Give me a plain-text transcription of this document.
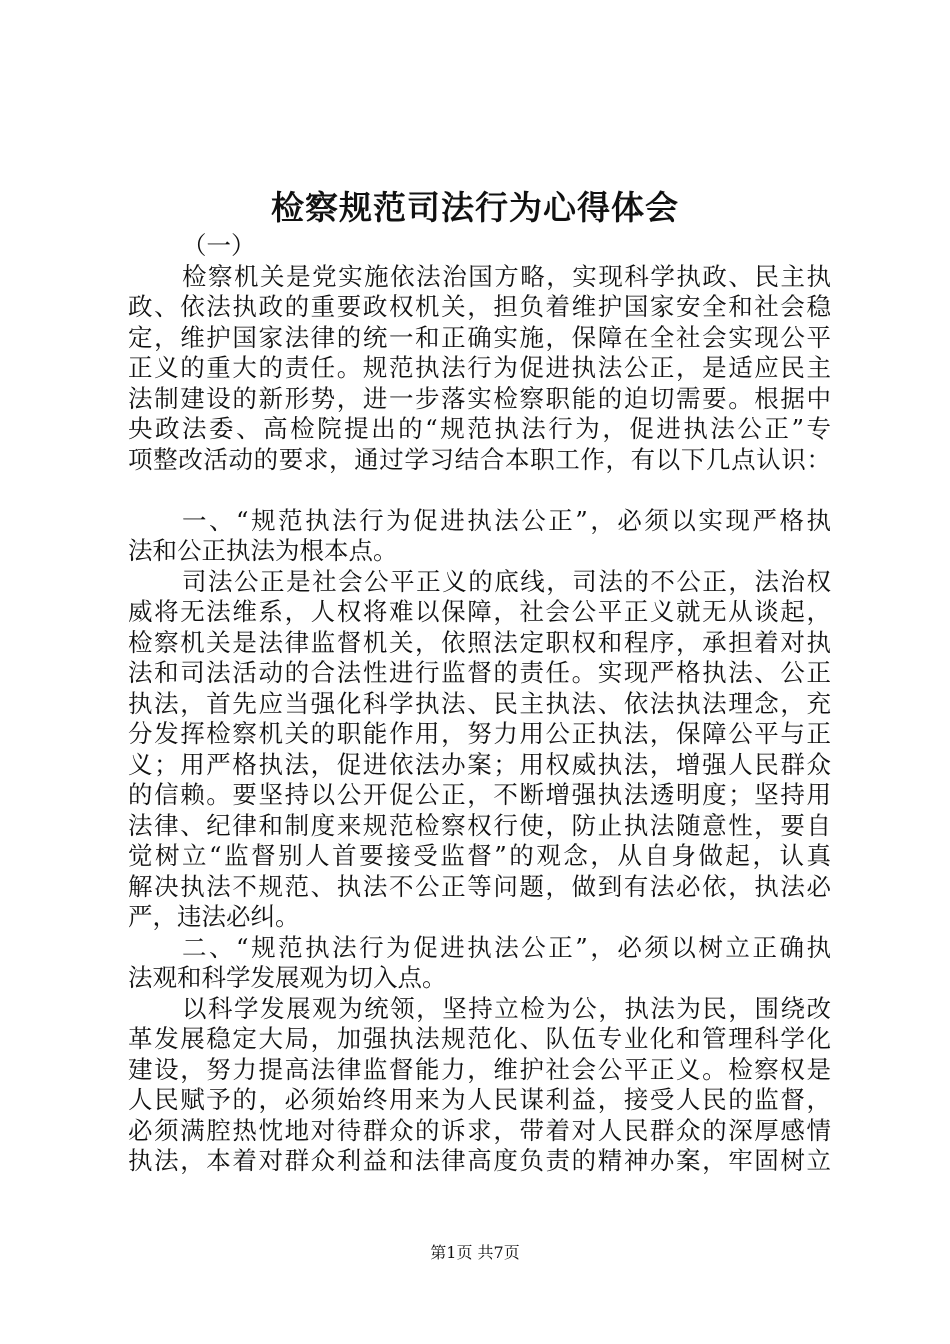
检察规范司法行为心得体会
（一）
检察机关是党实施依法治国方略，实现科学执政、民主执
政、依法执政的重要政权机关，担负着维护国家安全和社会稳
定，维护国家法律的统一和正确实施，保障在全社会实现公平
正义的重大的责任。规范执法行为促进执法公正，是适应民主
法制建设的新形势，进一步落实检察职能的迫切需要。根据中
央政法委、高检院提出的“规范执法行为，促进执法公正”专
项整改活动的要求，通过学习结合本职工作，有以下几点认识：
一、“规范执法行为促进执法公正”，必须以实现严格执
法和公正执法为根本点。
司法公正是社会公平正义的底线，司法的不公正，法治权
威将无法维系，人权将难以保障，社会公平正义就无从谈起，
检察机关是法律监督机关，依照法定职权和程序，承担着对执
法和司法活动的合法性进行监督的责任。实现严格执法、公正
执法，首先应当强化科学执法、民主执法、依法执法理念，充
分发挥检察机关的职能作用，努力用公正执法，保障公平与正
义；用严格执法，促进依法办案；用权威执法，增强人民群众
的信赖。要坚持以公开促公正，不断增强执法透明度；坚持用
法律、纪律和制度来规范检察权行使，防止执法随意性，要自
觉树立“监督别人首要接受监督”的观念，从自身做起，认真
解决执法不规范、执法不公正等问题，做到有法必依，执法必
严，违法必纠。
二、“规范执法行为促进执法公正”，必须以树立正确执
法观和科学发展观为切入点。
以科学发展观为统领，坚持立检为公，执法为民，围绕改
革发展稳定大局，加强执法规范化、队伍专业化和管理科学化
建设，努力提高法律监督能力，维护社会公平正义。检察权是
人民赋予的，必须始终用来为人民谋利益，接受人民的监督，
必须满腔热忱地对待群众的诉求，带着对人民群众的深厚感情
执法，本着对群众利益和法律高度负责的精神办案，牢固树立
第1页 共7页
